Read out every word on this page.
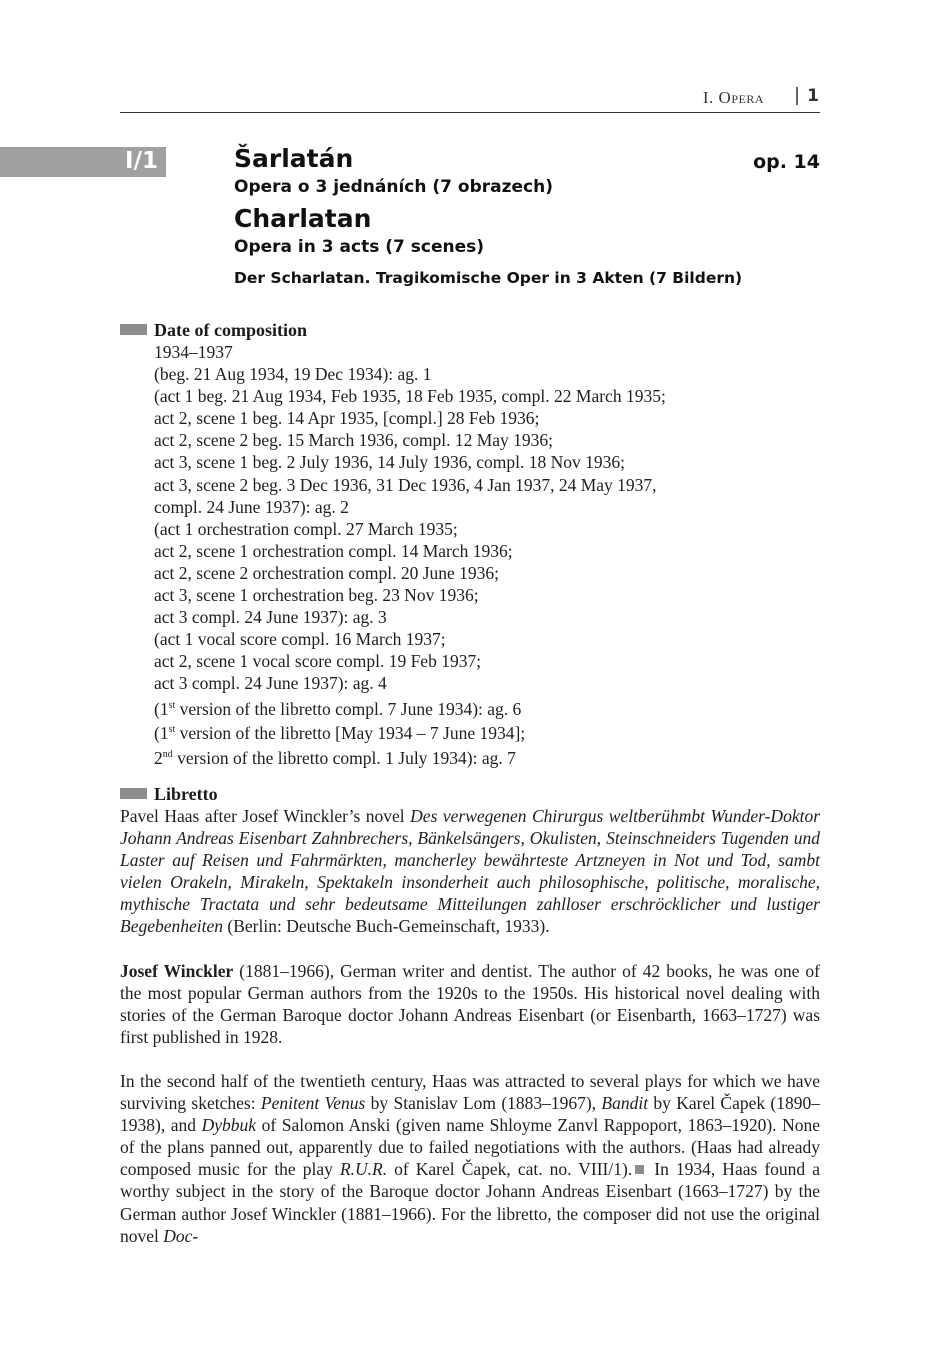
I. Opera	1
I/1	Šarlatán	op. 14
Opera o 3 jednáních (7 obrazech)
Charlatan
Opera in 3 acts (7 scenes)
Der Scharlatan. Tragikomische Oper in 3 Akten (7 Bildern)
Date of composition
1934–1937
(beg. 21 Aug 1934, 19 Dec 1934): ag. 1
(act 1 beg. 21 Aug 1934, Feb 1935, 18 Feb 1935, compl. 22 March 1935;
act 2, scene 1 beg. 14 Apr 1935, [compl.] 28 Feb 1936;
act 2, scene 2 beg. 15 March 1936, compl. 12 May 1936;
act 3, scene 1 beg. 2 July 1936, 14 July 1936, compl. 18 Nov 1936;
act 3, scene 2 beg. 3 Dec 1936, 31 Dec 1936, 4 Jan 1937, 24 May 1937,
compl. 24 June 1937): ag. 2
(act 1 orchestration compl. 27 March 1935;
act 2, scene 1 orchestration compl. 14 March 1936;
act 2, scene 2 orchestration compl. 20 June 1936;
act 3, scene 1 orchestration beg. 23 Nov 1936;
act 3 compl. 24 June 1937): ag. 3
(act 1 vocal score compl. 16 March 1937;
act 2, scene 1 vocal score compl. 19 Feb 1937;
act 3 compl. 24 June 1937): ag. 4
(1st version of the libretto compl. 7 June 1934): ag. 6
(1st version of the libretto [May 1934 – 7 June 1934];
2nd version of the libretto compl. 1 July 1934): ag. 7
Libretto
Pavel Haas after Josef Winckler’s novel Des verwegenen Chirurgus weltberühmbt Wunder-Doktor Johann Andreas Eisenbart Zahnbrechers, Bänkelsängers, Okulisten, Steinschneiders Tugenden und Laster auf Reisen und Fahrmärkten, mancherley bewährteste Artzneyen in Not und Tod, sambt vielen Orakeln, Mirakeln, Spektakeln insonderheit auch philosophische, politische, moralische, mythische Tractata und sehr bedeutsame Mitteilungen zahlloser erschröcklicher und lustiger Begebenheiten (Berlin: Deutsche Buch-Gemeinschaft, 1933).
Josef Winckler (1881–1966), German writer and dentist. The author of 42 books, he was one of the most popular German authors from the 1920s to the 1950s. His historical novel dealing with stories of the German Baroque doctor Johann Andreas Eisenbart (or Eisenbarth, 1663–1727) was first published in 1928.
In the second half of the twentieth century, Haas was attracted to several plays for which we have surviving sketches: Penitent Venus by Stanislav Lom (1883–1967), Bandit by Karel Čapek (1890–1938), and Dybbuk of Salomon Anski (given name Shloyme Zanvl Rappoport, 1863–1920). None of the plans panned out, apparently due to failed negotiations with the authors. (Haas had already composed music for the play R.U.R. of Karel Čapek, cat. no. VIII/1). In 1934, Haas found a worthy subject in the story of the Baroque doctor Johann Andreas Eisenbart (1663–1727) by the German author Josef Winckler (1881–1966). For the libretto, the composer did not use the original novel Doc-
